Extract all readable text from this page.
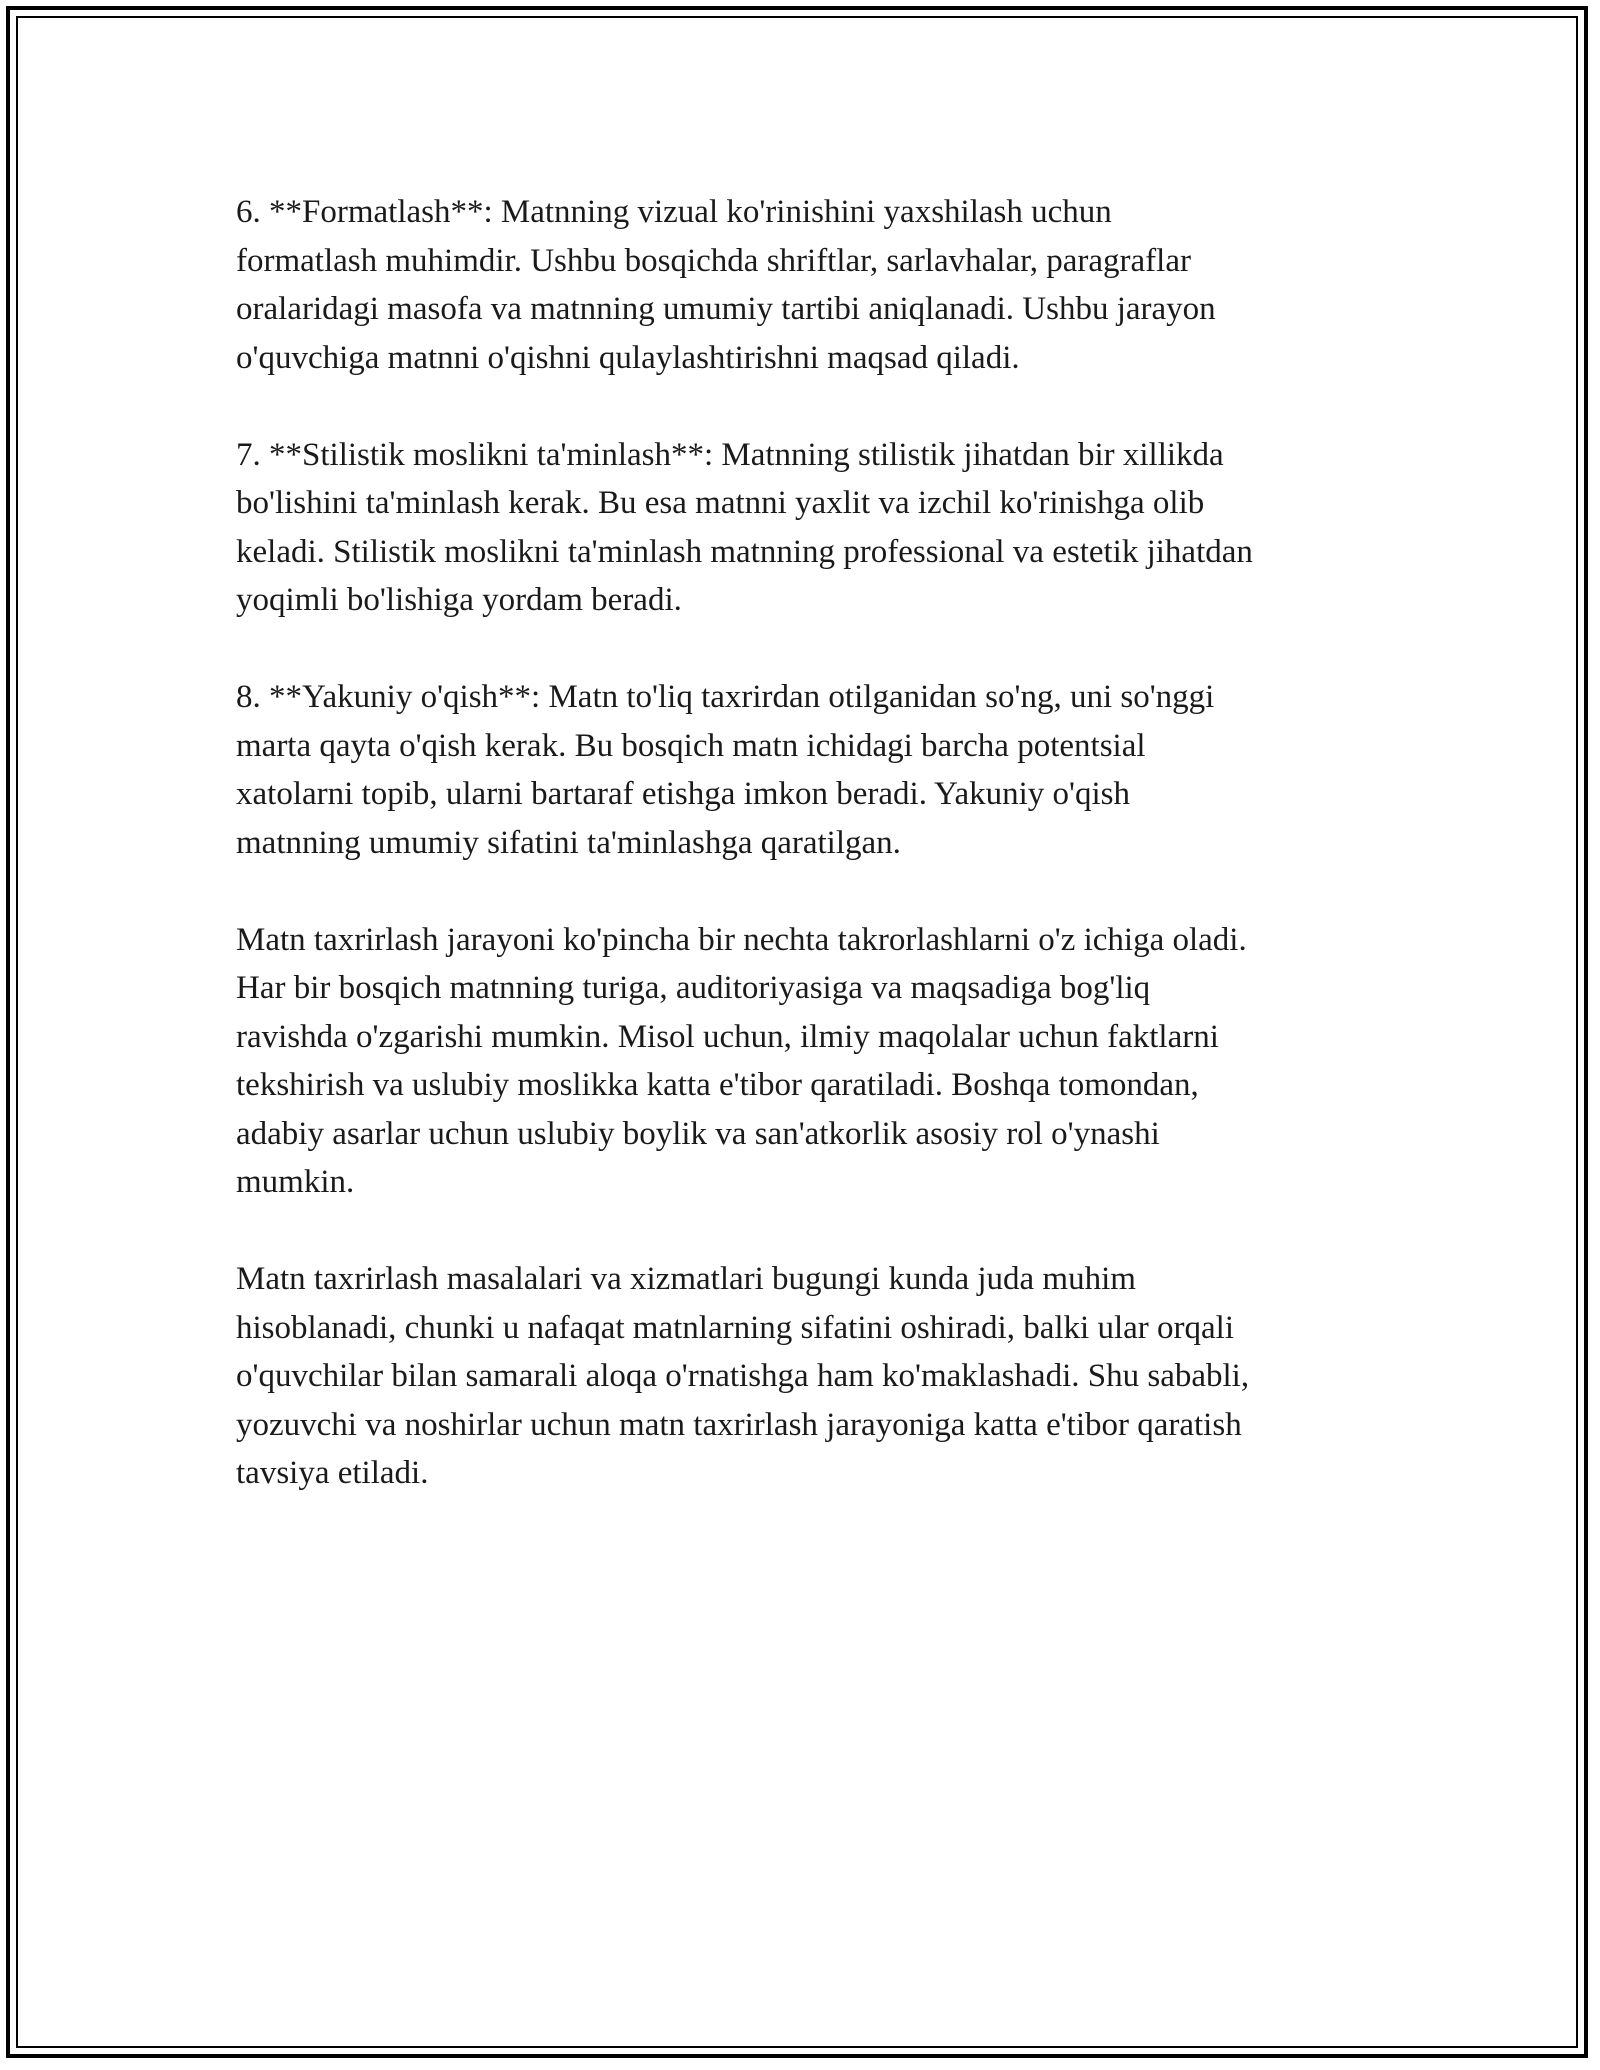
6. **Formatlash**: Matnning vizual ko'rinishini yaxshilash uchun
formatlash muhimdir. Ushbu bosqichda shriftlar, sarlavhalar, paragraflar
oralaridagi masofa va matnning umumiy tartibi aniqlanadi. Ushbu jarayon
o'quvchiga matnni o'qishni qulaylashtirishni maqsad qiladi.

7. **Stilistik moslikni ta'minlash**: Matnning stilistik jihatdan bir xillikda
bo'lishini ta'minlash kerak. Bu esa matnni yaxlit va izchil ko'rinishga olib
keladi. Stilistik moslikni ta'minlash matnning professional va estetik jihatdan
yoqimli bo'lishiga yordam beradi.

8. **Yakuniy o'qish**: Matn to'liq taxrirdan otilganidan so'ng, uni so'nggi
marta qayta o'qish kerak. Bu bosqich matn ichidagi barcha potentsial
xatolarni topib, ularni bartaraf etishga imkon beradi. Yakuniy o'qish
matnning umumiy sifatini ta'minlashga qaratilgan.

Matn taxrirlash jarayoni ko'pincha bir nechta takrorlashlarni o'z ichiga oladi.
Har bir bosqich matnning turiga, auditoriyasiga va maqsadiga bog'liq
ravishda o'zgarishi mumkin. Misol uchun, ilmiy maqolalar uchun faktlarni
tekshirish va uslubiy moslikka katta e'tibor qaratiladi. Boshqa tomondan,
adabiy asarlar uchun uslubiy boylik va san'atkorlik asosiy rol o'ynashi
mumkin.

Matn taxrirlash masalalari va xizmatlari bugungi kunda juda muhim
hisoblanadi, chunki u nafaqat matnlarning sifatini oshiradi, balki ular orqali
o'quvchilar bilan samarali aloqa o'rnatishga ham ko'maklashadi. Shu sababli,
yozuvchi va noshirlar uchun matn taxrirlash jarayoniga katta e'tibor qaratish
tavsiya etiladi.
